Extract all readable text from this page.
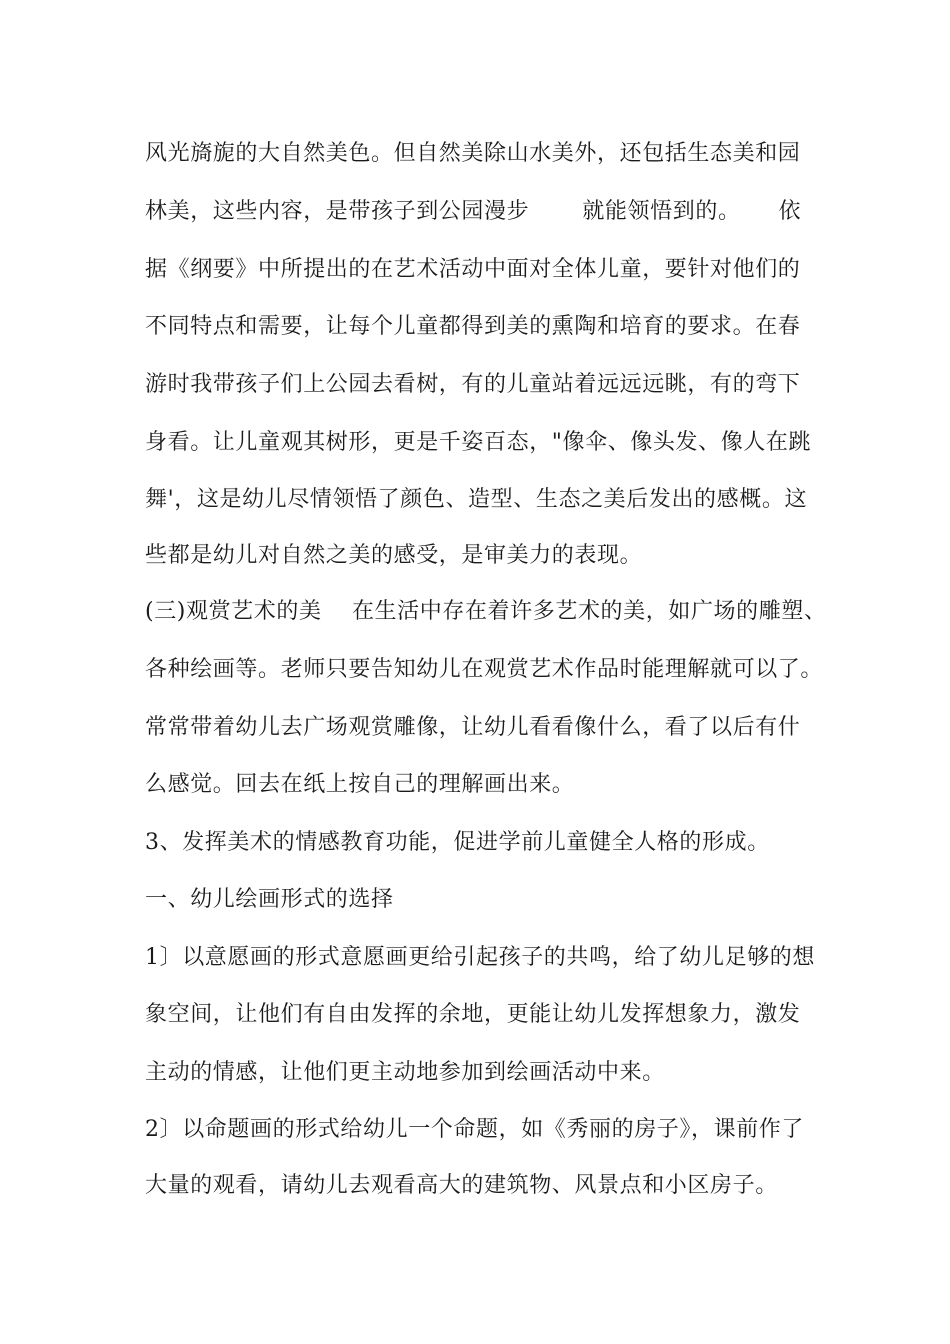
风光旖旎的大自然美色。但自然美除山水美外，还包括生态美和园
林美，这些内容，是带孩子到公园漫步       就能领悟到的。     依
据《纲要》中所提出的在艺术活动中面对全体儿童，要针对他们的
不同特点和需要，让每个儿童都得到美的熏陶和培育的要求。在春
游时我带孩子们上公园去看树，有的儿童站着远远远眺，有的弯下
身看。让儿童观其树形，更是千姿百态，"像伞、像头发、像人在跳
舞'，这是幼儿尽情领悟了颜色、造型、生态之美后发出的感概。这
些都是幼儿对自然之美的感受，是审美力的表现。
(三)观赏艺术的美    在生活中存在着许多艺术的美，如广场的雕塑、
各种绘画等。老师只要告知幼儿在观赏艺术作品时能理解就可以了。
常常带着幼儿去广场观赏雕像，让幼儿看看像什么，看了以后有什
么感觉。回去在纸上按自己的理解画出来。
3、发挥美术的情感教育功能，促进学前儿童健全人格的形成。
一、幼儿绘画形式的选择
1〕以意愿画的形式意愿画更给引起孩子的共鸣，给了幼儿足够的想
象空间，让他们有自由发挥的余地，更能让幼儿发挥想象力，激发
主动的情感，让他们更主动地参加到绘画活动中来。
2〕以命题画的形式给幼儿一个命题，如《秀丽的房子》，课前作了
大量的观看，请幼儿去观看高大的建筑物、风景点和小区房子。
